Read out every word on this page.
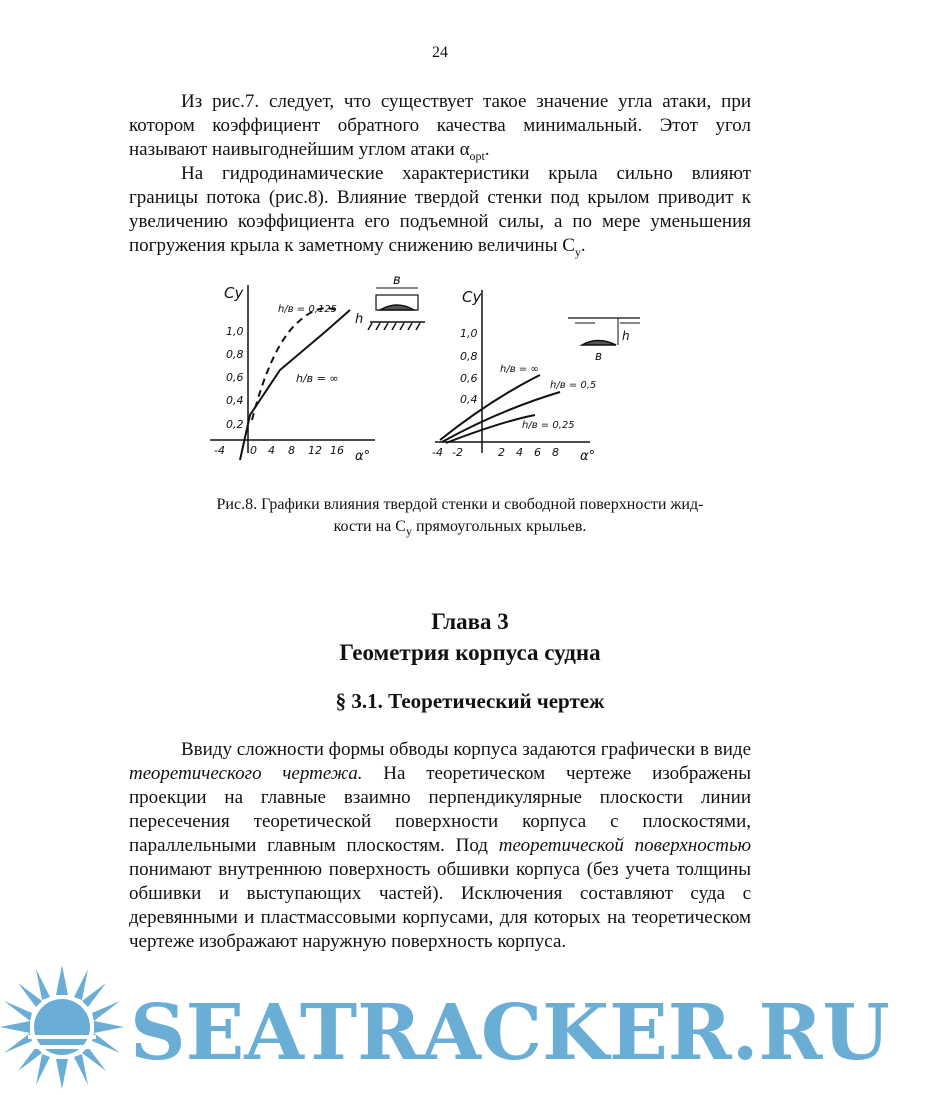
24

Из рис.7. следует, что существует такое значение угла атаки, при котором коэффициент обратного качества минимальный. Этот угол называют наивыгоднейшим углом атаки $\alpha_{opt}$.

На гидродинамические характеристики крыла сильно влияют границы потока (рис.8). Влияние твердой стенки под крылом приводит к увеличению коэффициента его подъемной силы, а по мере уменьшения погружения крыла к заметному снижению величины $C_y$.

Cy
α°
0,2
0,4
0,6
0,8
1,0
-4 0 4 8 12 16
h/в = 0,125
h/в = ∞
в
h
Cy
α°
0,4
0,6
0,8
1,0
-4 -2	2 4 6 8
h/в = ∞
h/в = 0,5
h/в = 0,25
в
h
Рис.8. Графики влияния твердой стенки и свободной поверхности жид-
кости на $C_y$ прямоугольных крыльев.
Глава 3
Геометрия корпуса судна
§ 3.1. Теоретический чертеж

Ввиду сложности формы обводы корпуса задаются графически в виде теоретического чертежа. На теоретическом чертеже изображены проекции на главные взаимно перпендикулярные плоскости линии пересечения теоретической поверхности корпуса с плоскостями, параллельными главным плоскостям. Под теоретической поверхностью понимают внутреннюю поверхность обшивки корпуса (без учета толщины обшивки и выступающих частей). Исключения составляют суда с деревянными и пластмассовыми корпусами, для которых на теоретическом чертеже изображают наружную поверхность корпуса.

SEATRACKER.RU
